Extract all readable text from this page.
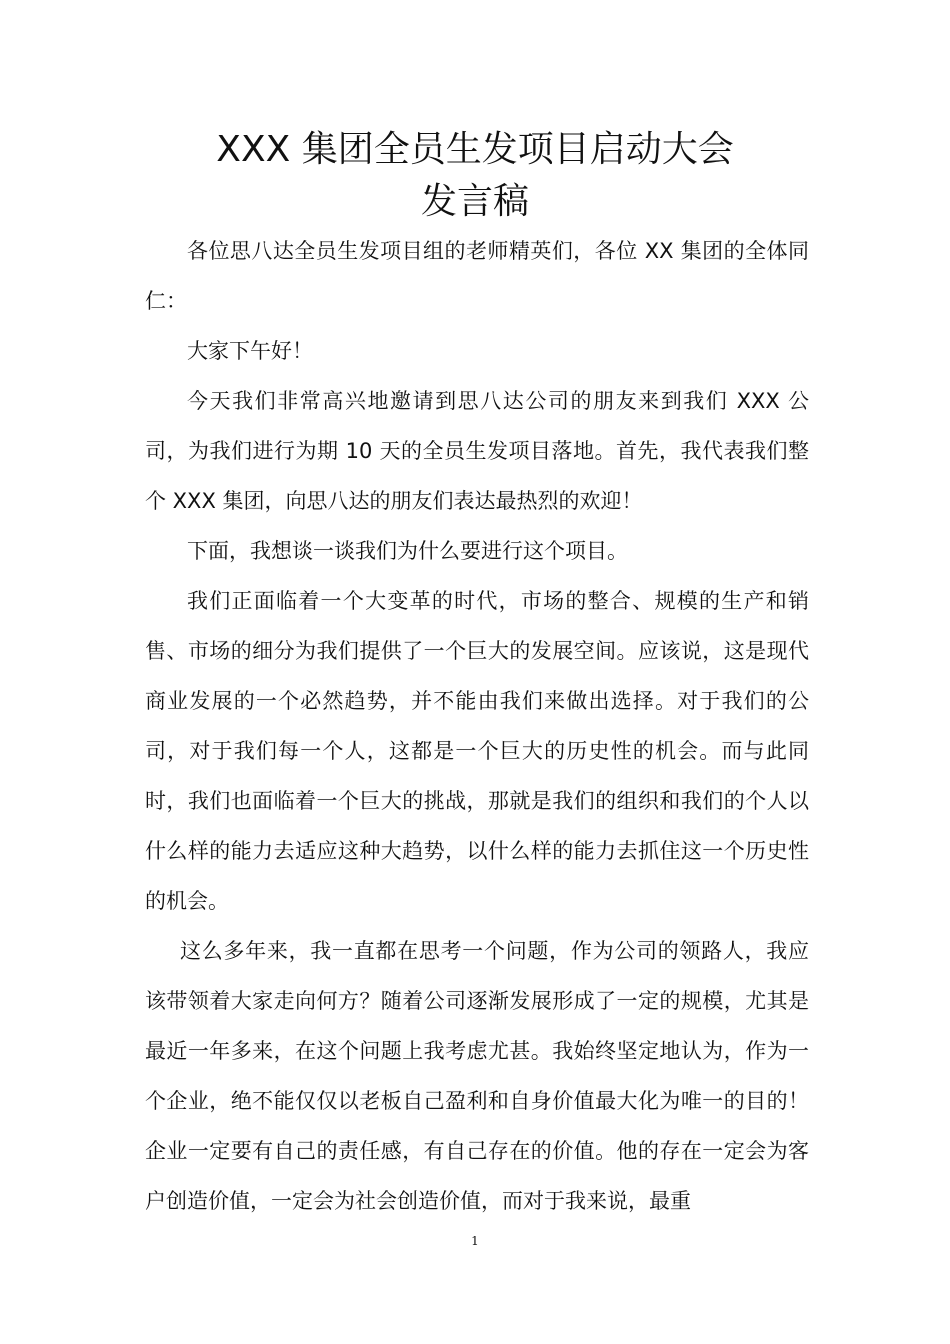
XXX 集团全员生发项目启动大会
发言稿

各位思八达全员生发项目组的老师精英们，各位 XX 集团的全体同仁：

大家下午好！

今天我们非常高兴地邀请到思八达公司的朋友来到我们 XXX 公司，为我们进行为期 10 天的全员生发项目落地。首先，我代表我们整个 XXX 集团，向思八达的朋友们表达最热烈的欢迎！

下面，我想谈一谈我们为什么要进行这个项目。

我们正面临着一个大变革的时代，市场的整合、规模的生产和销售、市场的细分为我们提供了一个巨大的发展空间。应该说，这是现代商业发展的一个必然趋势，并不能由我们来做出选择。对于我们的公司，对于我们每一个人，这都是一个巨大的历史性的机会。而与此同时，我们也面临着一个巨大的挑战，那就是我们的组织和我们的个人以什么样的能力去适应这种大趋势，以什么样的能力去抓住这一个历史性的机会。

这么多年来，我一直都在思考一个问题，作为公司的领路人，我应该带领着大家走向何方？随着公司逐渐发展形成了一定的规模，尤其是最近一年多来，在这个问题上我考虑尤甚。我始终坚定地认为，作为一个企业，绝不能仅仅以老板自己盈利和自身价值最大化为唯一的目的！企业一定要有自己的责任感，有自己存在的价值。他的存在一定会为客户创造价值，一定会为社会创造价值，而对于我来说，最重

1
